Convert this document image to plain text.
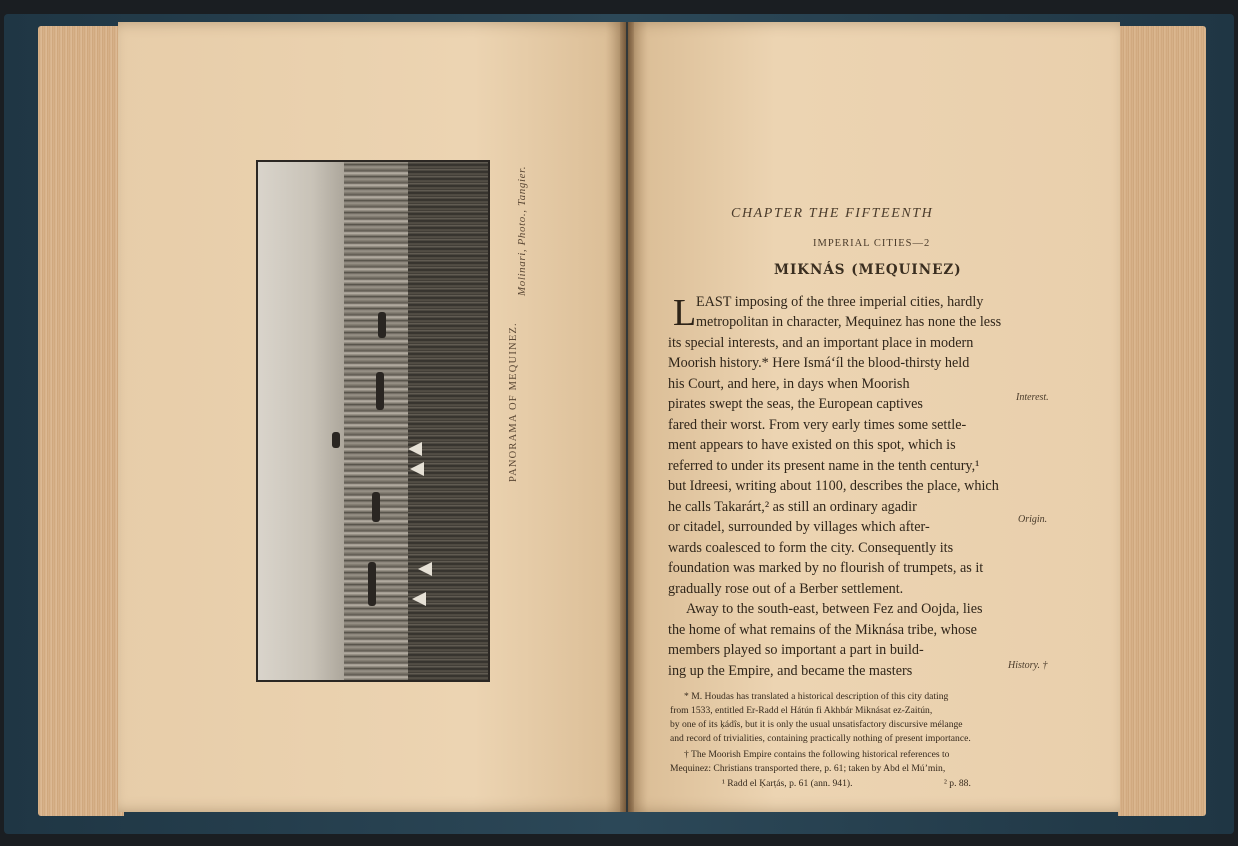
PANORAMA OF MEQUINEZ.
Molinari, Photo., Tangier.	CHAPTER THE FIFTEENTH
IMPERIAL CITIES—2
MIKNÁS (MEQUINEZ)
L EAST imposing of the three imperial cities, hardly
metropolitan in character, Mequinez has none the less
its special interests, and an important place in modern
Moorish history.* Here Ismá‘íl the blood-thirsty held
his Court, and here, in days when Moorish
pirates swept the seas, the European captives
fared their worst. From very early times some settle-
ment appears to have existed on this spot, which is
referred to under its present name in the tenth century,¹
but Idreesi, writing about 1100, describes the place, which
he calls Takarárt,² as still an ordinary agadir
or citadel, surrounded by villages which after-
wards coalesced to form the city. Consequently its
foundation was marked by no flourish of trumpets, as it
gradually rose out of a Berber settlement.
Away to the south-east, between Fez and Oojda, lies
the home of what remains of the Miknása tribe, whose
members played so important a part in build-
ing up the Empire, and became the masters
Interest.
Origin.
History. †
* M. Houdas has translated a historical description of this city dating
from 1533, entitled Er-Radd el Hátún fi Akhbár Miknásat ez-Zaitún,
by one of its ḳádîs, but it is only the usual unsatisfactory discursive mélange
and record of trivialities, containing practically nothing of present importance.
† The Moorish Empire contains the following historical references to
Mequinez: Christians transported there, p. 61; taken by Abd el Mú’min,
¹ Radd el Ḳarṭás, p. 61 (ann. 941).	² p. 88.
